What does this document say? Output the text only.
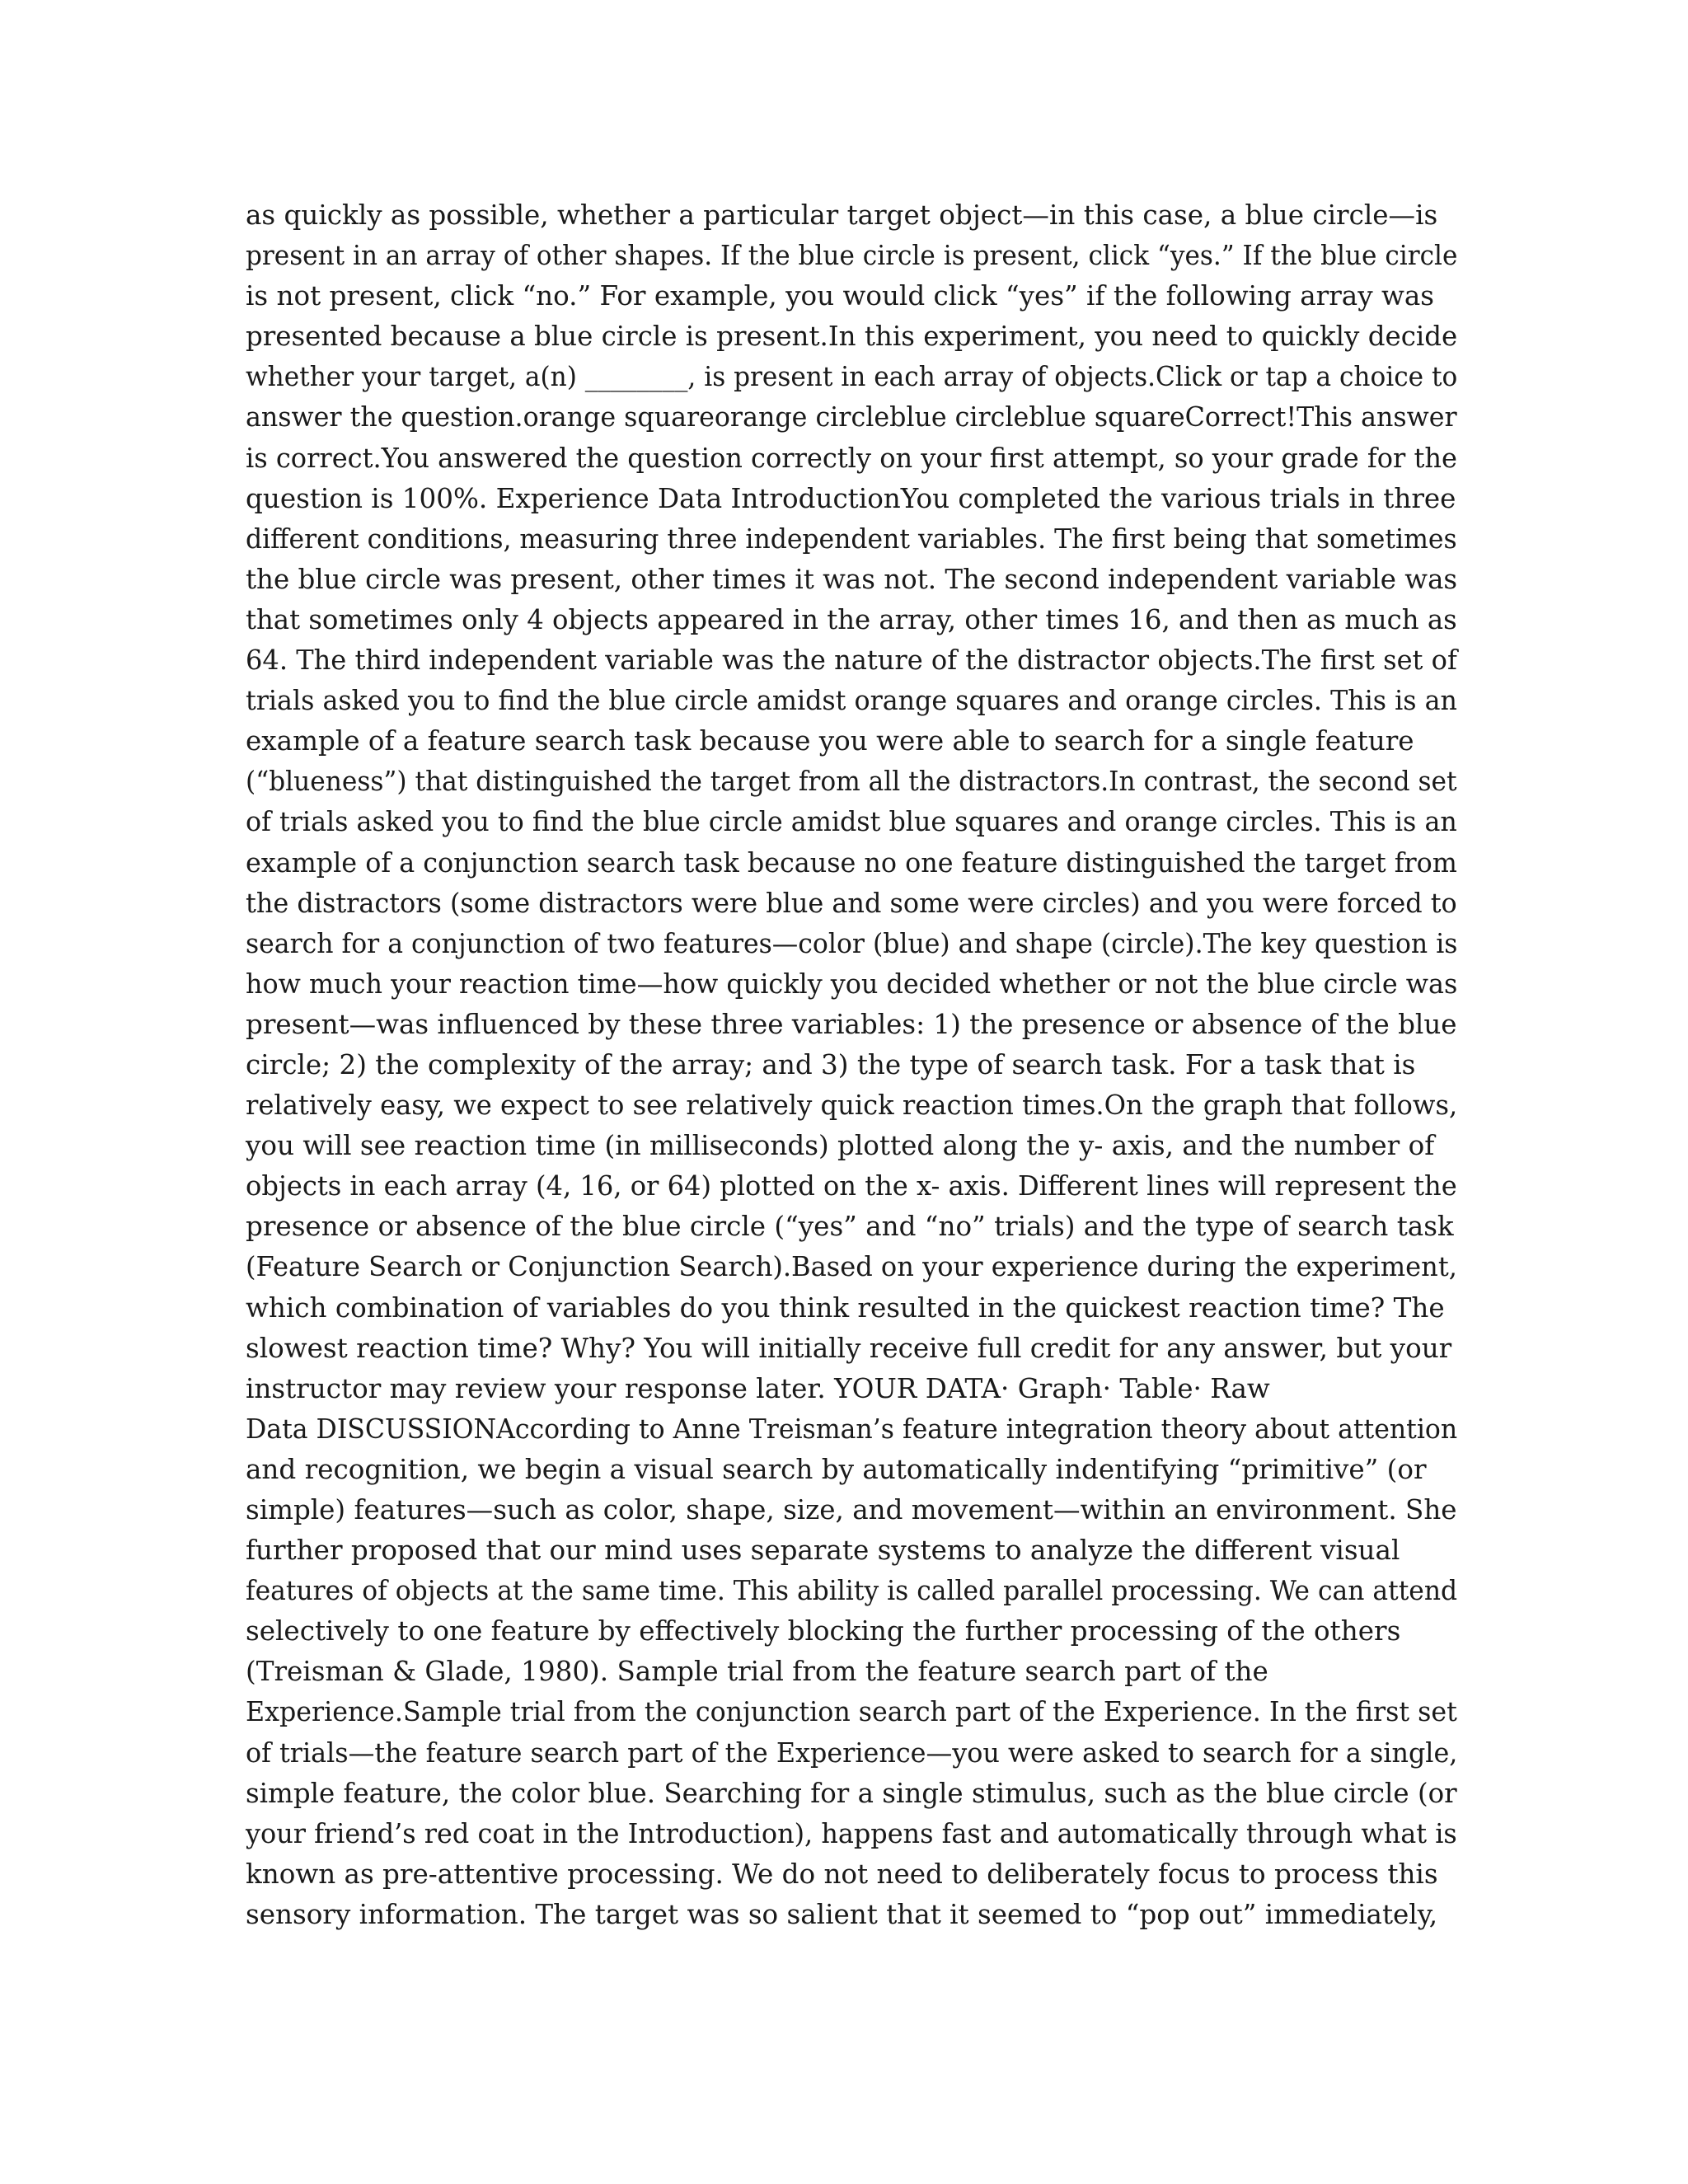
as quickly as possible, whether a particular target object—in this case, a blue circle—is
present in an array of other shapes. If the blue circle is present, click “yes.” If the blue circle
is not present, click “no.” For example, you would click “yes” if the following array was
presented because a blue circle is present.In this experiment, you need to quickly decide
whether your target, a(n) ________, is present in each array of objects.Click or tap a choice to
answer the question.orange squareorange circleblue circleblue squareCorrect!This answer
is correct.You answered the question correctly on your first attempt, so your grade for the
question is 100%. Experience Data IntroductionYou completed the various trials in three
different conditions, measuring three independent variables. The first being that sometimes
the blue circle was present, other times it was not. The second independent variable was
that sometimes only 4 objects appeared in the array, other times 16, and then as much as
64. The third independent variable was the nature of the distractor objects.The first set of
trials asked you to find the blue circle amidst orange squares and orange circles. This is an
example of a feature search task because you were able to search for a single feature
(“blueness”) that distinguished the target from all the distractors.In contrast, the second set
of trials asked you to find the blue circle amidst blue squares and orange circles. This is an
example of a conjunction search task because no one feature distinguished the target from
the distractors (some distractors were blue and some were circles) and you were forced to
search for a conjunction of two features—color (blue) and shape (circle).The key question is
how much your reaction time—how quickly you decided whether or not the blue circle was
present—was influenced by these three variables: 1) the presence or absence of the blue
circle; 2) the complexity of the array; and 3) the type of search task. For a task that is
relatively easy, we expect to see relatively quick reaction times.On the graph that follows,
you will see reaction time (in milliseconds) plotted along the y- axis, and the number of
objects in each array (4, 16, or 64) plotted on the x- axis. Different lines will represent the
presence or absence of the blue circle (“yes” and “no” trials) and the type of search task
(Feature Search or Conjunction Search).Based on your experience during the experiment,
which combination of variables do you think resulted in the quickest reaction time? The
slowest reaction time? Why? You will initially receive full credit for any answer, but your
instructor may review your response later. YOUR DATA· Graph· Table· Raw
Data DISCUSSIONAccording to Anne Treisman’s feature integration theory about attention
and recognition, we begin a visual search by automatically indentifying “primitive” (or
simple) features—such as color, shape, size, and movement—within an environment. She
further proposed that our mind uses separate systems to analyze the different visual
features of objects at the same time. This ability is called parallel processing. We can attend
selectively to one feature by effectively blocking the further processing of the others
(Treisman & Glade, 1980). Sample trial from the feature search part of the
Experience.Sample trial from the conjunction search part of the Experience. In the first set
of trials—the feature search part of the Experience—you were asked to search for a single,
simple feature, the color blue. Searching for a single stimulus, such as the blue circle (or
your friend’s red coat in the Introduction), happens fast and automatically through what is
known as pre-attentive processing. We do not need to deliberately focus to process this
sensory information. The target was so salient that it seemed to “pop out” immediately,
